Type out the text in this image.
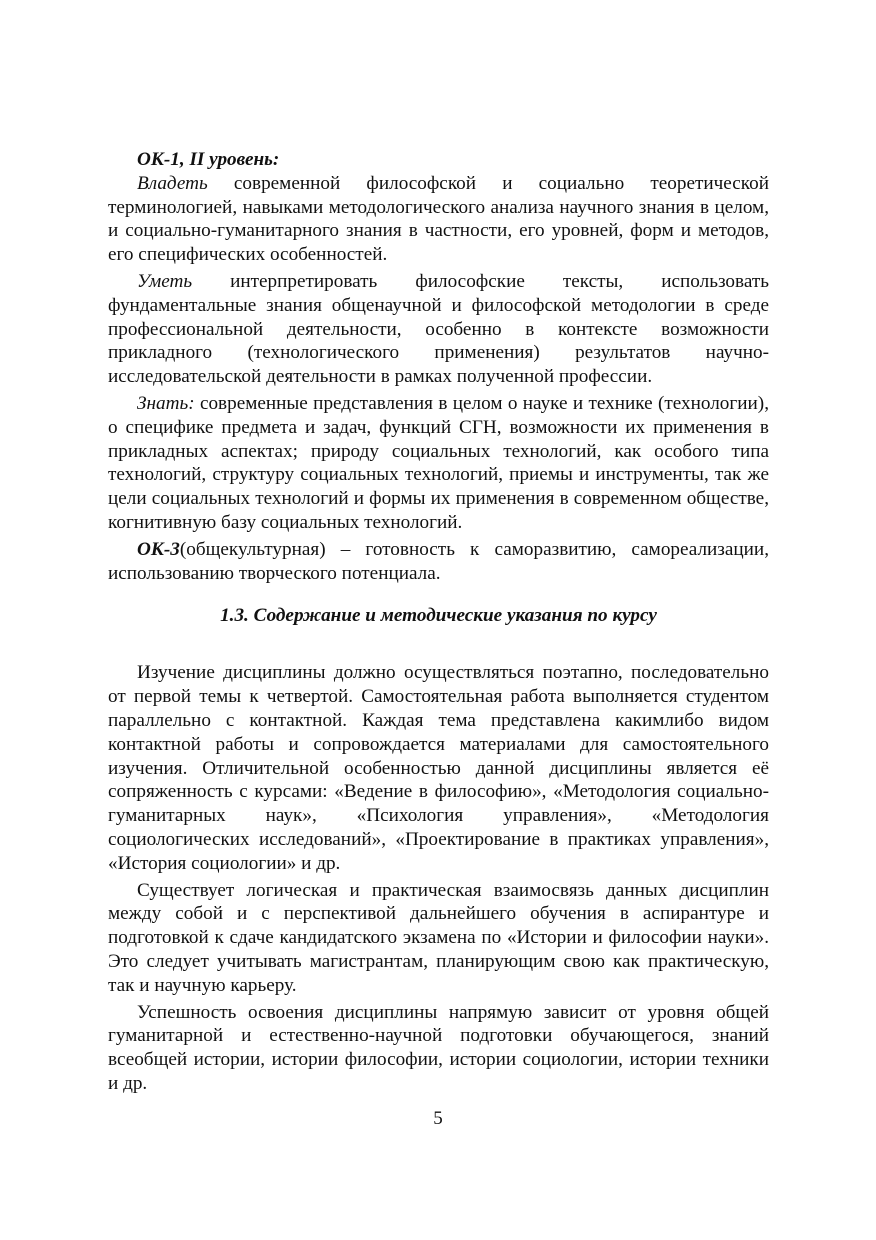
ОК-1, II уровень:

Владеть современной философской и социально теоретической терминологией, навыками методологического анализа научного знания в целом, и социально-гуманитарного знания в частности, его уровней, форм и методов, его специфических особенностей.

Уметь интерпретировать философские тексты, использовать фундаментальные знания общенаучной и философской методологии в среде профессиональной деятельности, особенно в контексте возможности прикладного (технологического применения) результатов научно-исследовательской деятельности в рамках полученной профессии.

Знать: современные представления в целом о науке и технике (технологии), о специфике предмета и задач, функций СГН, возможности их применения в прикладных аспектах; природу социальных технологий, как особого типа технологий, структуру социальных технологий, приемы и инструменты, так же цели социальных технологий и формы их применения в современном обществе, когнитивную базу социальных технологий.

ОК-3(общекультурная) – готовность к саморазвитию, самореализации, использованию творческого потенциала.

1.3. Содержание и методические указания по курсу

Изучение дисциплины должно осуществляться поэтапно, последовательно от первой темы к четвертой. Самостоятельная работа выполняется студентом параллельно с контактной. Каждая тема представлена какимлибо видом контактной работы и сопровождается материалами для самостоятельного изучения. Отличительной особенностью данной дисциплины является её сопряженность с курсами: «Ведение в философию», «Методология социально-гуманитарных наук», «Психология управления», «Методология социологических исследований», «Проектирование в практиках управления», «История социологии» и др.

Существует логическая и практическая взаимосвязь данных дисциплин между собой и с перспективой дальнейшего обучения в аспирантуре и подготовкой к сдаче кандидатского экзамена по «Истории и философии науки». Это следует учитывать магистрантам, планирующим свою как практическую, так и научную карьеру.

Успешность освоения дисциплины напрямую зависит от уровня общей гуманитарной и естественно-научной подготовки обучающегося, знаний всеобщей истории, истории философии, истории социологии, истории техники и др.

5
